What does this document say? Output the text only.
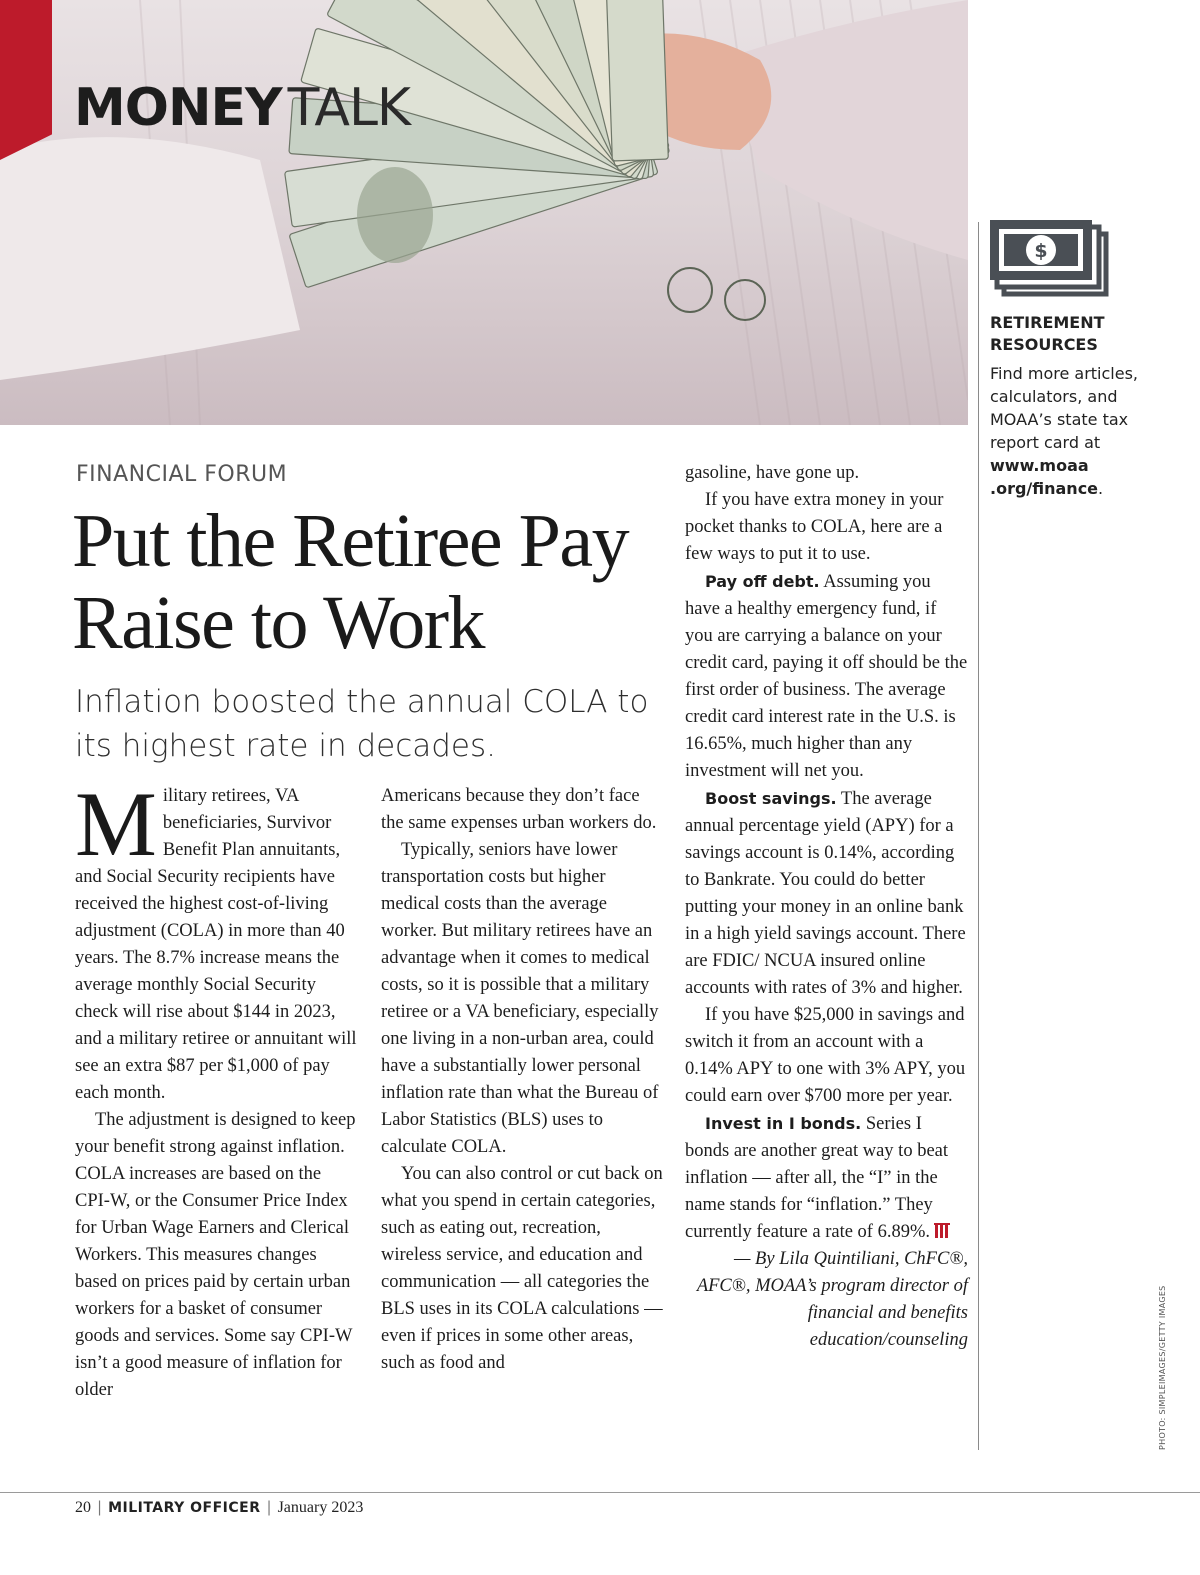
MONEY TALK
$
RETIREMENT
RESOURCES
Find more articles, calculators, and MOAA’s state tax report card at www.moaa .org/finance.
PHOTO: SIMPLEIMAGES/GETTY IMAGES
FINANCIAL FORUM
Put the Retiree Pay Raise to Work

Inflation boosted the annual COLA to its highest rate in decades.

Military retirees, VA beneficiaries, Survivor Benefit Plan annuitants, and Social Security recipients have received the highest cost-of-living adjustment (COLA) in more than 40 years. The 8.7% increase means the average monthly Social Security check will rise about $144 in 2023, and a military retiree or annuitant will see an extra $87 per $1,000 of pay each month.

The adjustment is designed to keep your benefit strong against inflation. COLA increases are based on the CPI-W, or the Consumer Price Index for Urban Wage Earners and Clerical Workers. This measures changes based on prices paid by certain urban workers for a basket of consumer goods and services. Some say CPI-W isn’t a good measure of inflation for older

Americans because they don’t face the same expenses urban workers do.

Typically, seniors have lower transportation costs but higher medical costs than the average worker. But military retirees have an advantage when it comes to medical costs, so it is possible that a military retiree or a VA beneficiary, especially one living in a non-urban area, could have a substantially lower personal inflation rate than what the Bureau of Labor Statistics (BLS) uses to calculate COLA.

You can also control or cut back on what you spend in certain categories, such as eating out, recreation, wireless service, and education and communication — all categories the BLS uses in its COLA calculations — even if prices in some other areas, such as food and

gasoline, have gone up.

If you have extra money in your pocket thanks to COLA, here are a few ways to put it to use.

Pay off debt. Assuming you have a healthy emergency fund, if you are carrying a balance on your credit card, paying it off should be the first order of business. The average credit card interest rate in the U.S. is 16.65%, much higher than any investment will net you.

Boost savings. The average annual percentage yield (APY) for a savings account is 0.14%, according to Bankrate. You could do better putting your money in an online bank in a high yield savings account. There are FDIC/ NCUA insured online accounts with rates of 3% and higher.

If you have $25,000 in savings and switch it from an account with a 0.14% APY to one with 3% APY, you could earn over $700 more per year.

Invest in I bonds. Series I bonds are another great way to beat inflation — after all, the “I” in the name stands for “inflation.” They currently feature a rate of 6.89%.

— By Lila Quintiliani, ChFC®, AFC®, MOAA’s program director of financial and benefits education/counseling

20 | MILITARY OFFICER | January 2023
